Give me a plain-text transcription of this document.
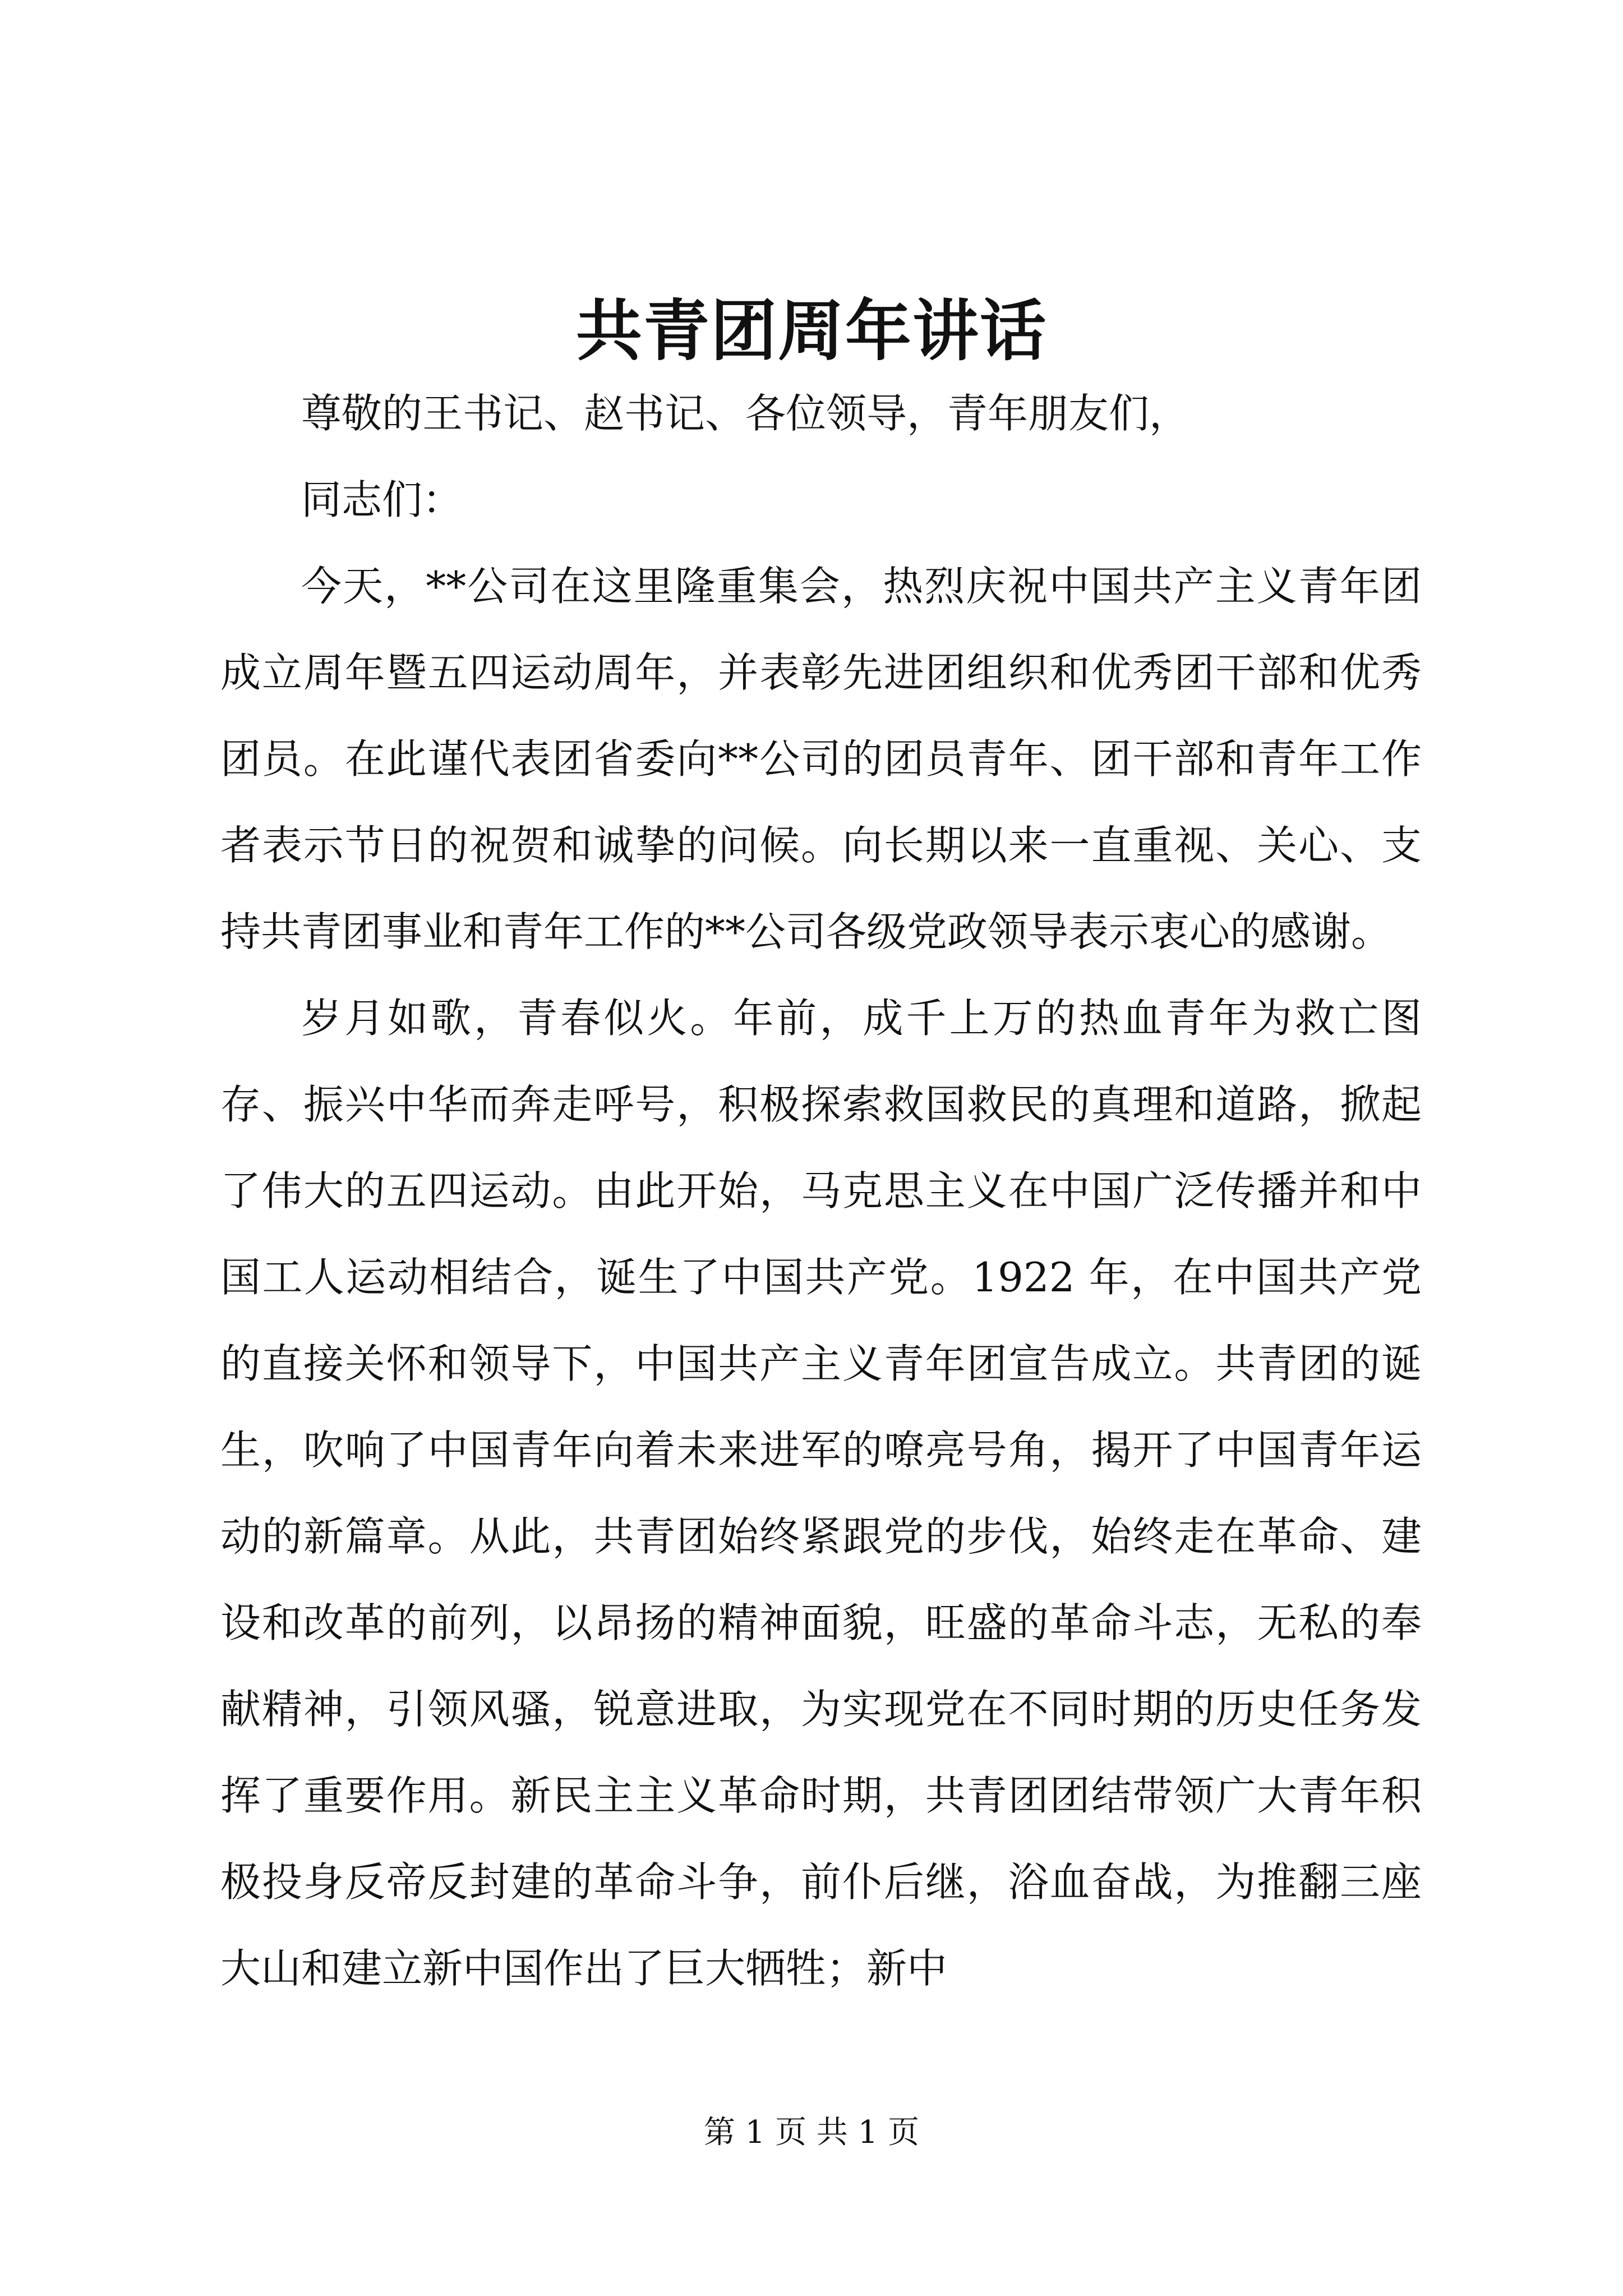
共青团周年讲话

尊敬的王书记、赵书记、各位领导，青年朋友们，

同志们：

今天，**公司在这里隆重集会，热烈庆祝中国共产主义青年团成立周年暨五四运动周年，并表彰先进团组织和优秀团干部和优秀团员。在此谨代表团省委向**公司的团员青年、团干部和青年工作者表示节日的祝贺和诚挚的问候。向长期以来一直重视、关心、支持共青团事业和青年工作的**公司各级党政领导表示衷心的感谢。

岁月如歌，青春似火。年前，成千上万的热血青年为救亡图存、振兴中华而奔走呼号，积极探索救国救民的真理和道路，掀起了伟大的五四运动。由此开始，马克思主义在中国广泛传播并和中国工人运动相结合，诞生了中国共产党。1922 年，在中国共产党的直接关怀和领导下，中国共产主义青年团宣告成立。共青团的诞生，吹响了中国青年向着未来进军的嘹亮号角，揭开了中国青年运动的新篇章。从此，共青团始终紧跟党的步伐，始终走在革命、建设和改革的前列，以昂扬的精神面貌，旺盛的革命斗志，无私的奉献精神，引领风骚，锐意进取，为实现党在不同时期的历史任务发挥了重要作用。新民主主义革命时期，共青团团结带领广大青年积极投身反帝反封建的革命斗争，前仆后继，浴血奋战，为推翻三座大山和建立新中国作出了巨大牺牲；新中

第 1 页 共 1 页
